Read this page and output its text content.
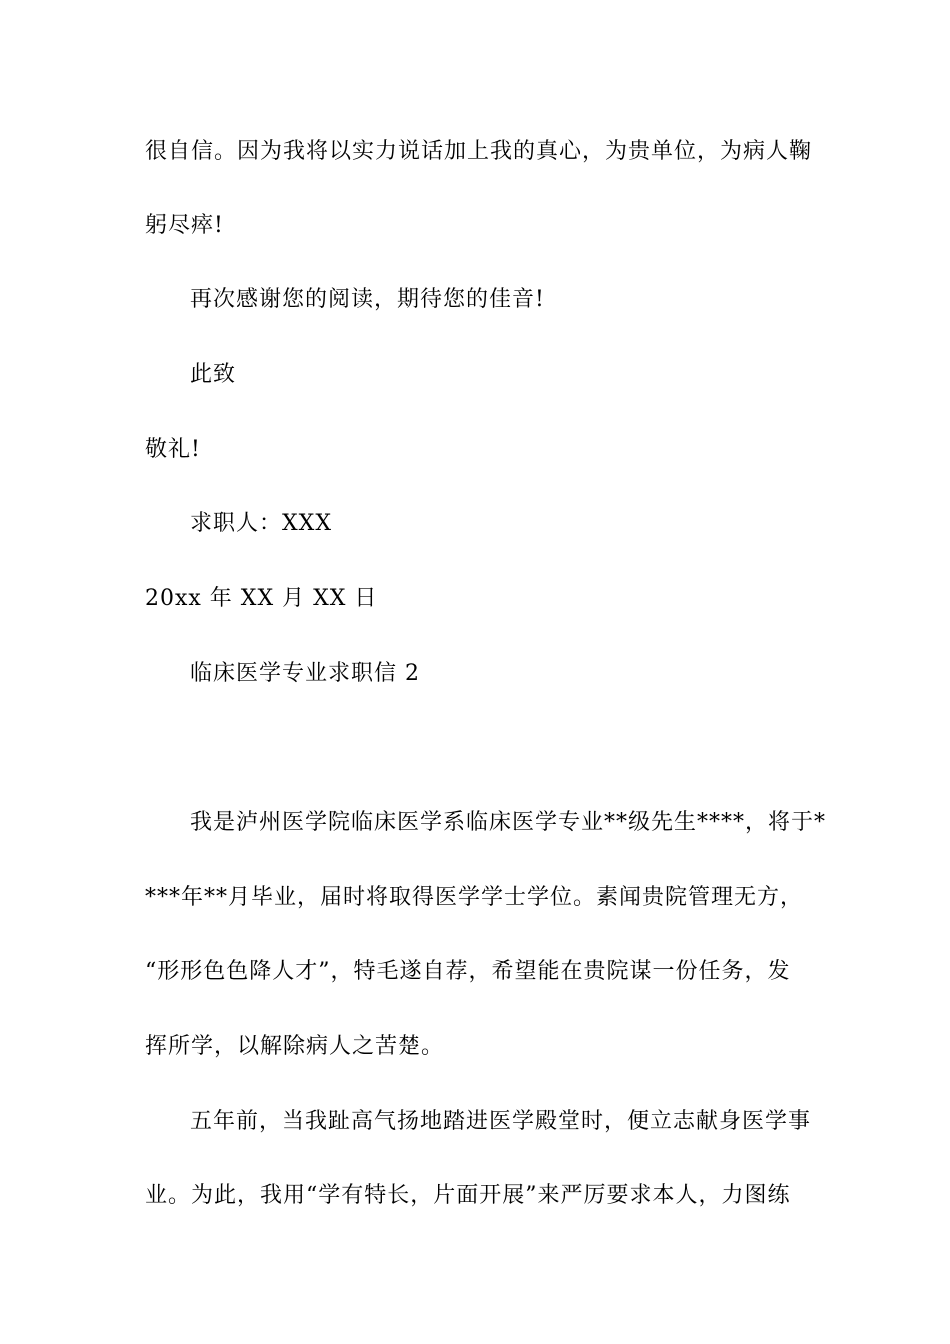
很自信。因为我将以实力说话加上我的真心，为贵单位，为病人鞠
躬尽瘁!
再次感谢您的阅读，期待您的佳音!
此致
敬礼!
求职人：XXX
20xx 年 XX 月 XX 日
临床医学专业求职信 2
我是泸州医学院临床医学系临床医学专业**级先生****，将于*
***年**月毕业，届时将取得医学学士学位。素闻贵院管理无方，
“形形色色降人才”，特毛遂自荐，希望能在贵院谋一份任务，发
挥所学，以解除病人之苦楚。
五年前，当我趾高气扬地踏进医学殿堂时，便立志献身医学事
业。为此，我用“学有特长，片面开展”来严厉要求本人，力图练
